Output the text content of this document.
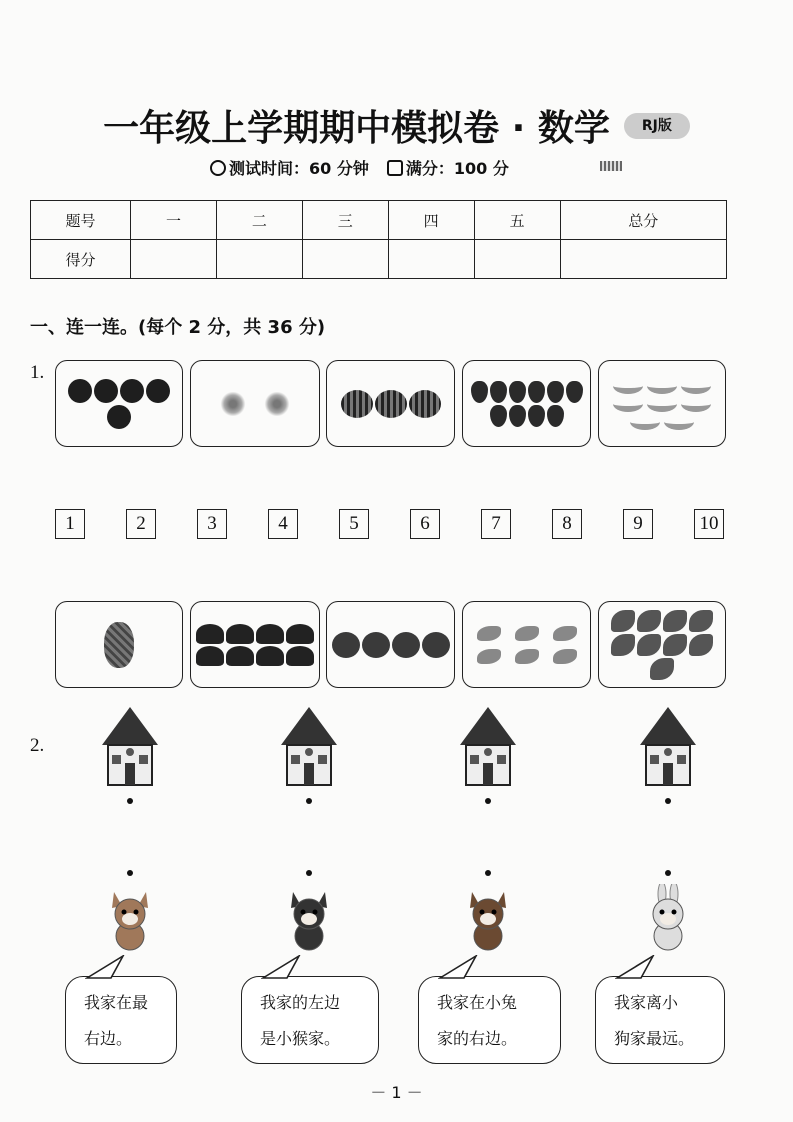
一年级上学期期中模拟卷 · 数学	RJ版
测试时间：60 分钟	满分：100 分
题号	一	二	三	四	五	总分
得分						
一、连一连。(每个 2 分，共 36 分)
1.
2.
－ 1 －
1	2	3	4	5	6	7	8	9	10
我家在最
右边。
我家的左边
是小猴家。
我家在小兔
家的右边。
我家离小
狗家最远。
